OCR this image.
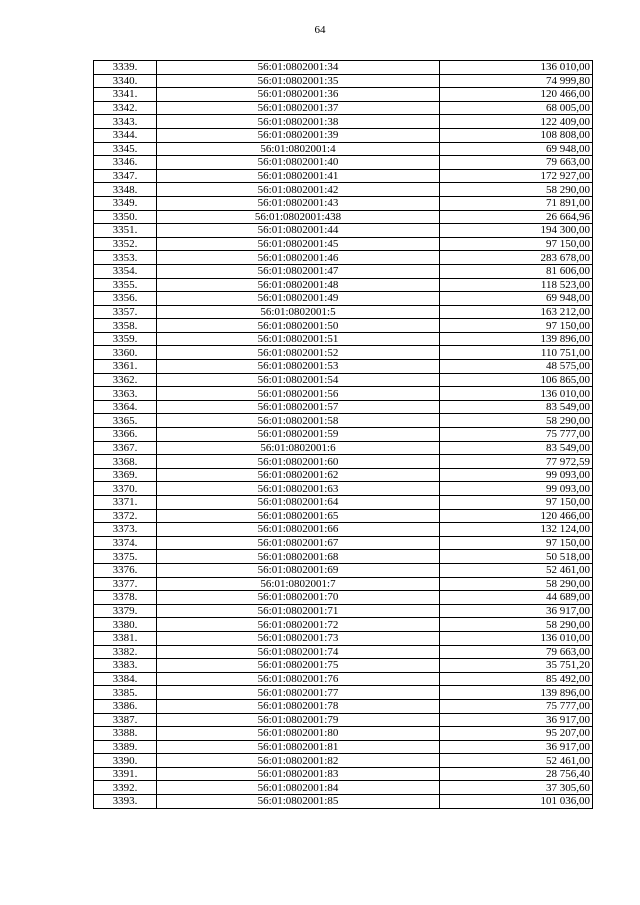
64
3339.	56:01:0802001:34	136 010,00
3340.	56:01:0802001:35	74 999,80
3341.	56:01:0802001:36	120 466,00
3342.	56:01:0802001:37	68 005,00
3343.	56:01:0802001:38	122 409,00
3344.	56:01:0802001:39	108 808,00
3345.	56:01:0802001:4	69 948,00
3346.	56:01:0802001:40	79 663,00
3347.	56:01:0802001:41	172 927,00
3348.	56:01:0802001:42	58 290,00
3349.	56:01:0802001:43	71 891,00
3350.	56:01:0802001:438	26 664,96
3351.	56:01:0802001:44	194 300,00
3352.	56:01:0802001:45	97 150,00
3353.	56:01:0802001:46	283 678,00
3354.	56:01:0802001:47	81 606,00
3355.	56:01:0802001:48	118 523,00
3356.	56:01:0802001:49	69 948,00
3357.	56:01:0802001:5	163 212,00
3358.	56:01:0802001:50	97 150,00
3359.	56:01:0802001:51	139 896,00
3360.	56:01:0802001:52	110 751,00
3361.	56:01:0802001:53	48 575,00
3362.	56:01:0802001:54	106 865,00
3363.	56:01:0802001:56	136 010,00
3364.	56:01:0802001:57	83 549,00
3365.	56:01:0802001:58	58 290,00
3366.	56:01:0802001:59	75 777,00
3367.	56:01:0802001:6	83 549,00
3368.	56:01:0802001:60	77 972,59
3369.	56:01:0802001:62	99 093,00
3370.	56:01:0802001:63	99 093,00
3371.	56:01:0802001:64	97 150,00
3372.	56:01:0802001:65	120 466,00
3373.	56:01:0802001:66	132 124,00
3374.	56:01:0802001:67	97 150,00
3375.	56:01:0802001:68	50 518,00
3376.	56:01:0802001:69	52 461,00
3377.	56:01:0802001:7	58 290,00
3378.	56:01:0802001:70	44 689,00
3379.	56:01:0802001:71	36 917,00
3380.	56:01:0802001:72	58 290,00
3381.	56:01:0802001:73	136 010,00
3382.	56:01:0802001:74	79 663,00
3383.	56:01:0802001:75	35 751,20
3384.	56:01:0802001:76	85 492,00
3385.	56:01:0802001:77	139 896,00
3386.	56:01:0802001:78	75 777,00
3387.	56:01:0802001:79	36 917,00
3388.	56:01:0802001:80	95 207,00
3389.	56:01:0802001:81	36 917,00
3390.	56:01:0802001:82	52 461,00
3391.	56:01:0802001:83	28 756,40
3392.	56:01:0802001:84	37 305,60
3393.	56:01:0802001:85	101 036,00
